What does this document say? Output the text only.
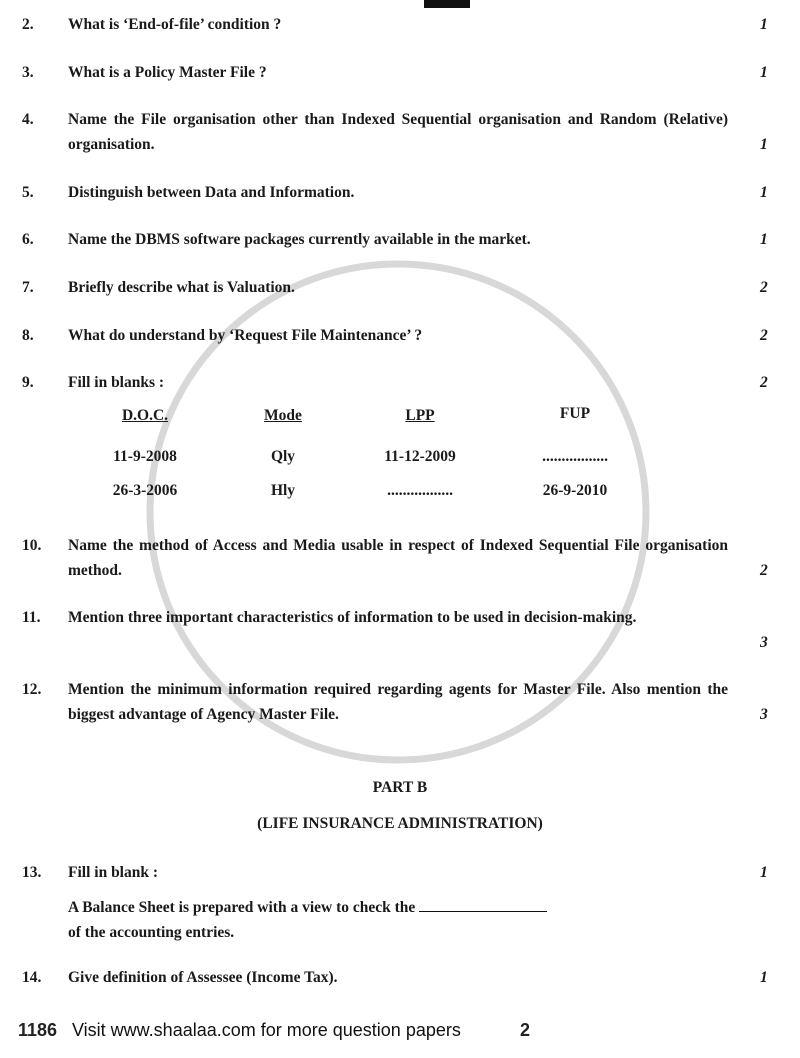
2. What is ‘End-of-file’ condition ?	1
3. What is a Policy Master File ?	1
4. Name the File organisation other than Indexed Sequential organisation and Random (Relative) organisation.	1
5. Distinguish between Data and Information.	1
6. Name the DBMS software packages currently available in the market.	1
7. Briefly describe what is Valuation.	2
8. What do understand by ‘Request File Maintenance’ ?	2
9. Fill in blanks :	2
D.O.C.	Mode	LPP	FUP
11-9-2008	Qly	11-12-2009	.................
26-3-2006	Hly	.................	26-9-2010
10. Name the method of Access and Media usable in respect of Indexed Sequential File organisation method.	2
11. Mention three important characteristics of information to be used in decision-making.
3
12. Mention the minimum information required regarding agents for Master File. Also mention the biggest advantage of Agency Master File.	3
PART B
(LIFE INSURANCE ADMINISTRATION)
13. Fill in blank :	1
A Balance Sheet is prepared with a view to check the
of the accounting entries.
14. Give definition of Assessee (Income Tax).	1
1186 Visit www.shaalaa.com for more question papers	2
